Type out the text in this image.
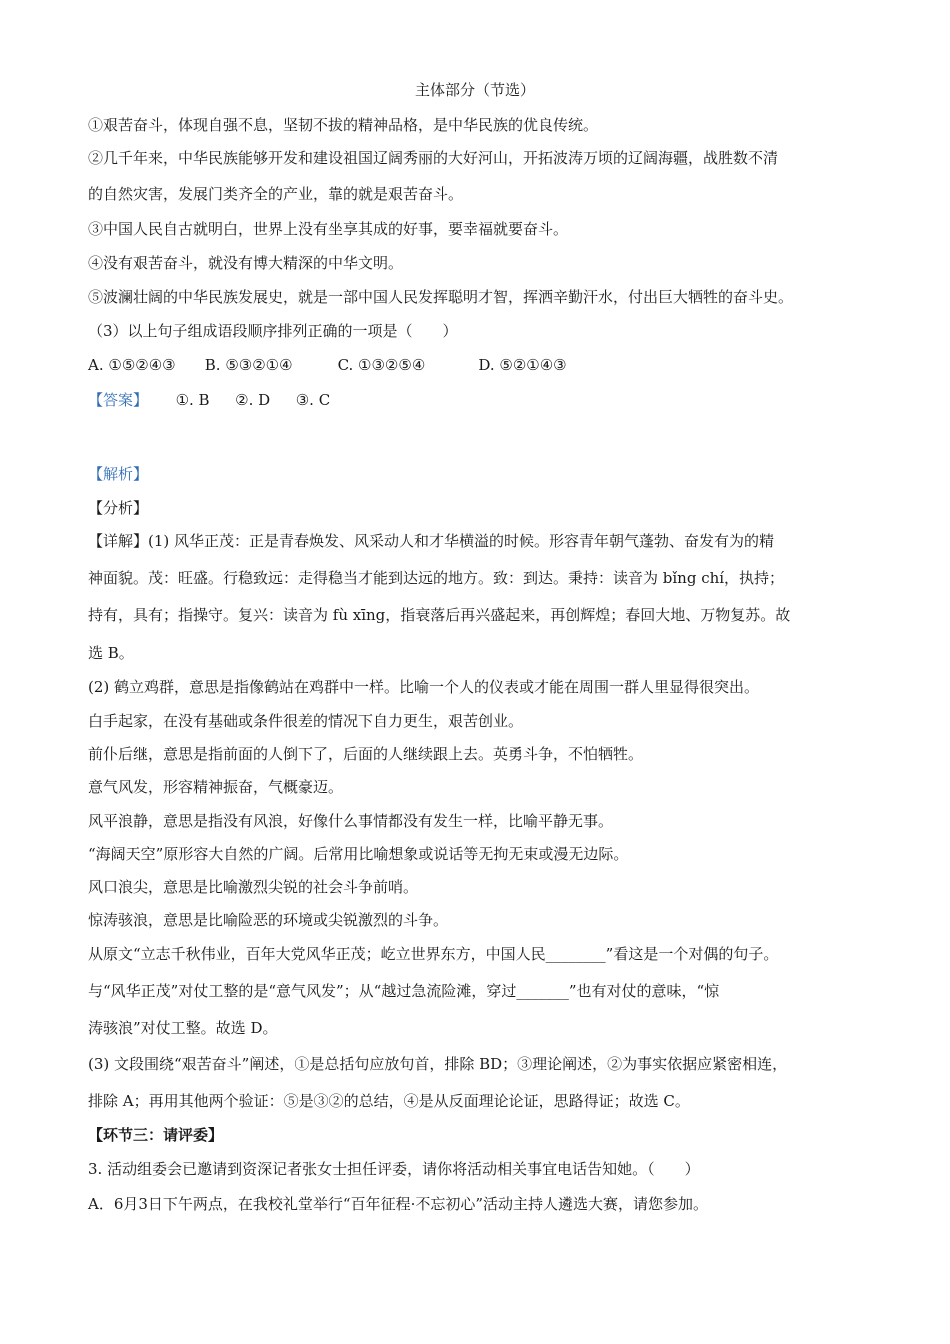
主体部分（节选）
①艰苦奋斗，体现自强不息，坚韧不拔的精神品格，是中华民族的优良传统。
②几千年来，中华民族能够开发和建设祖国辽阔秀丽的大好河山，开拓波涛万顷的辽阔海疆，战胜数不清
的自然灾害，发展门类齐全的产业，靠的就是艰苦奋斗。
③中国人民自古就明白，世界上没有坐享其成的好事，要幸福就要奋斗。
④没有艰苦奋斗，就没有博大精深的中华文明。
⑤波澜壮阔的中华民族发展史，就是一部中国人民发挥聪明才智，挥洒辛勤汗水，付出巨大牺牲的奋斗史。
（3）以上句子组成语段顺序排列正确的一项是（　　）
A. ①⑤②④③ B. ⑤③②①④	C. ①③②⑤④	D. ⑤②①④③
【答案】 ①. B ②. D ③. C
【解析】
【分析】
【详解】(1) 风华正茂：正是青春焕发、风采动人和才华横溢的时候。形容青年朝气蓬勃、奋发有为的精
神面貌。茂：旺盛。行稳致远：走得稳当才能到达远的地方。致：到达。秉持：读音为 bǐng chí，执持；
持有，具有；指操守。复兴：读音为 fù xīng，指衰落后再兴盛起来，再创辉煌；春回大地、万物复苏。故
选 B。
(2) 鹤立鸡群，意思是指像鹤站在鸡群中一样。比喻一个人的仪表或才能在周围一群人里显得很突出。
白手起家，在没有基础或条件很差的情况下自力更生，艰苦创业。
前仆后继，意思是指前面的人倒下了，后面的人继续跟上去。英勇斗争，不怕牺牲。
意气风发，形容精神振奋，气概豪迈。
风平浪静，意思是指没有风浪，好像什么事情都没有发生一样，比喻平静无事。
“海阔天空”原形容大自然的广阔。后常用比喻想象或说话等无拘无束或漫无边际。
风口浪尖，意思是比喻激烈尖锐的社会斗争前哨。
惊涛骇浪，意思是比喻险恶的环境或尖锐激烈的斗争。
从原文“立志千秋伟业，百年大党风华正茂；屹立世界东方，中国人民________”看这是一个对偶的句子。
与“风华正茂”对仗工整的是“意气风发”；从“越过急流险滩，穿过_______”也有对仗的意味，“惊
涛骇浪”对仗工整。故选 D。
(3) 文段围绕“艰苦奋斗”阐述，①是总括句应放句首，排除 BD；③理论阐述，②为事实依据应紧密相连，
排除 A；再用其他两个验证：⑤是③②的总结，④是从反面理论论证，思路得证；故选 C。
【环节三：请评委】
3. 活动组委会已邀请到资深记者张女士担任评委，请你将活动相关事宜电话告知她。（　　）
A．6月3日下午两点，在我校礼堂举行“百年征程·不忘初心”活动主持人遴选大赛，请您参加。
